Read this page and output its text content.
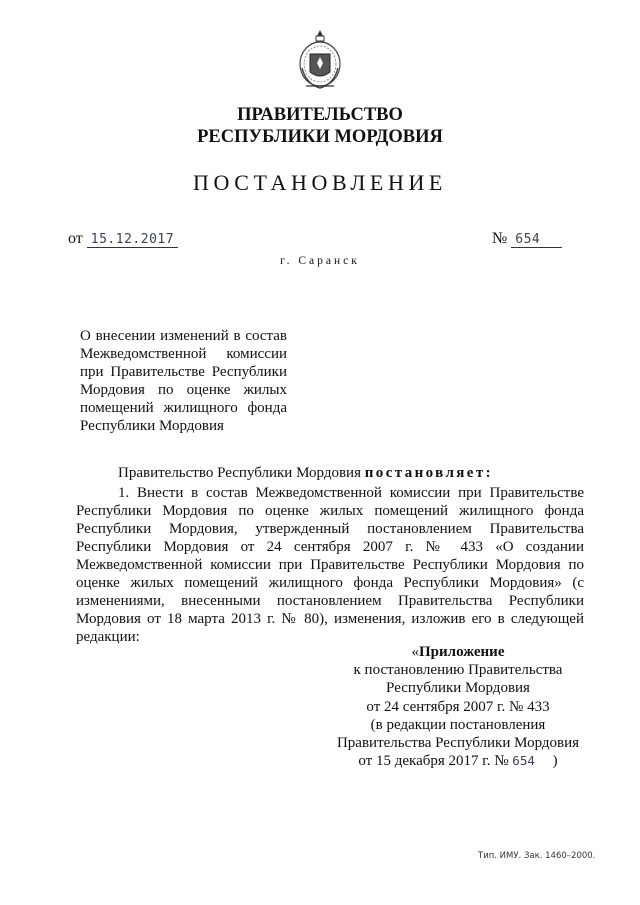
ПРАВИТЕЛЬСТВО
РЕСПУБЛИКИ МОРДОВИЯ
ПОСТАНОВЛЕНИЕ
от 15.12.2017	№ 654
г. Саранск
О внесении изменений в состав
Межведомственной комиссии
при Правительстве Республики
Мордовия по оценке жилых
помещений жилищного фонда
Республики Мордовия
Правительство Республики Мордовия постановляет:
1. Внести в состав Межведомственной комиссии при Правительстве
Республики Мордовия по оценке жилых помещений жилищного фонда
Республики Мордовия, утвержденный постановлением Правительства
Республики Мордовия от 24 сентября 2007 г. № 433 «О создании
Межведомственной комиссии при Правительстве Республики Мордовия по
оценке жилых помещений жилищного фонда Республики Мордовия» (с
изменениями, внесенными постановлением Правительства Республики
Мордовия от 18 марта 2013 г. № 80), изменения, изложив его в следующей
редакции:
«Приложение
к постановлению Правительства
Республики Мордовия
от 24 сентября 2007 г. № 433
(в редакции постановления
Правительства Республики Мордовия
от 15 декабря 2017 г. № 654 )
Тип. ИМУ. Зак. 1460–2000.
